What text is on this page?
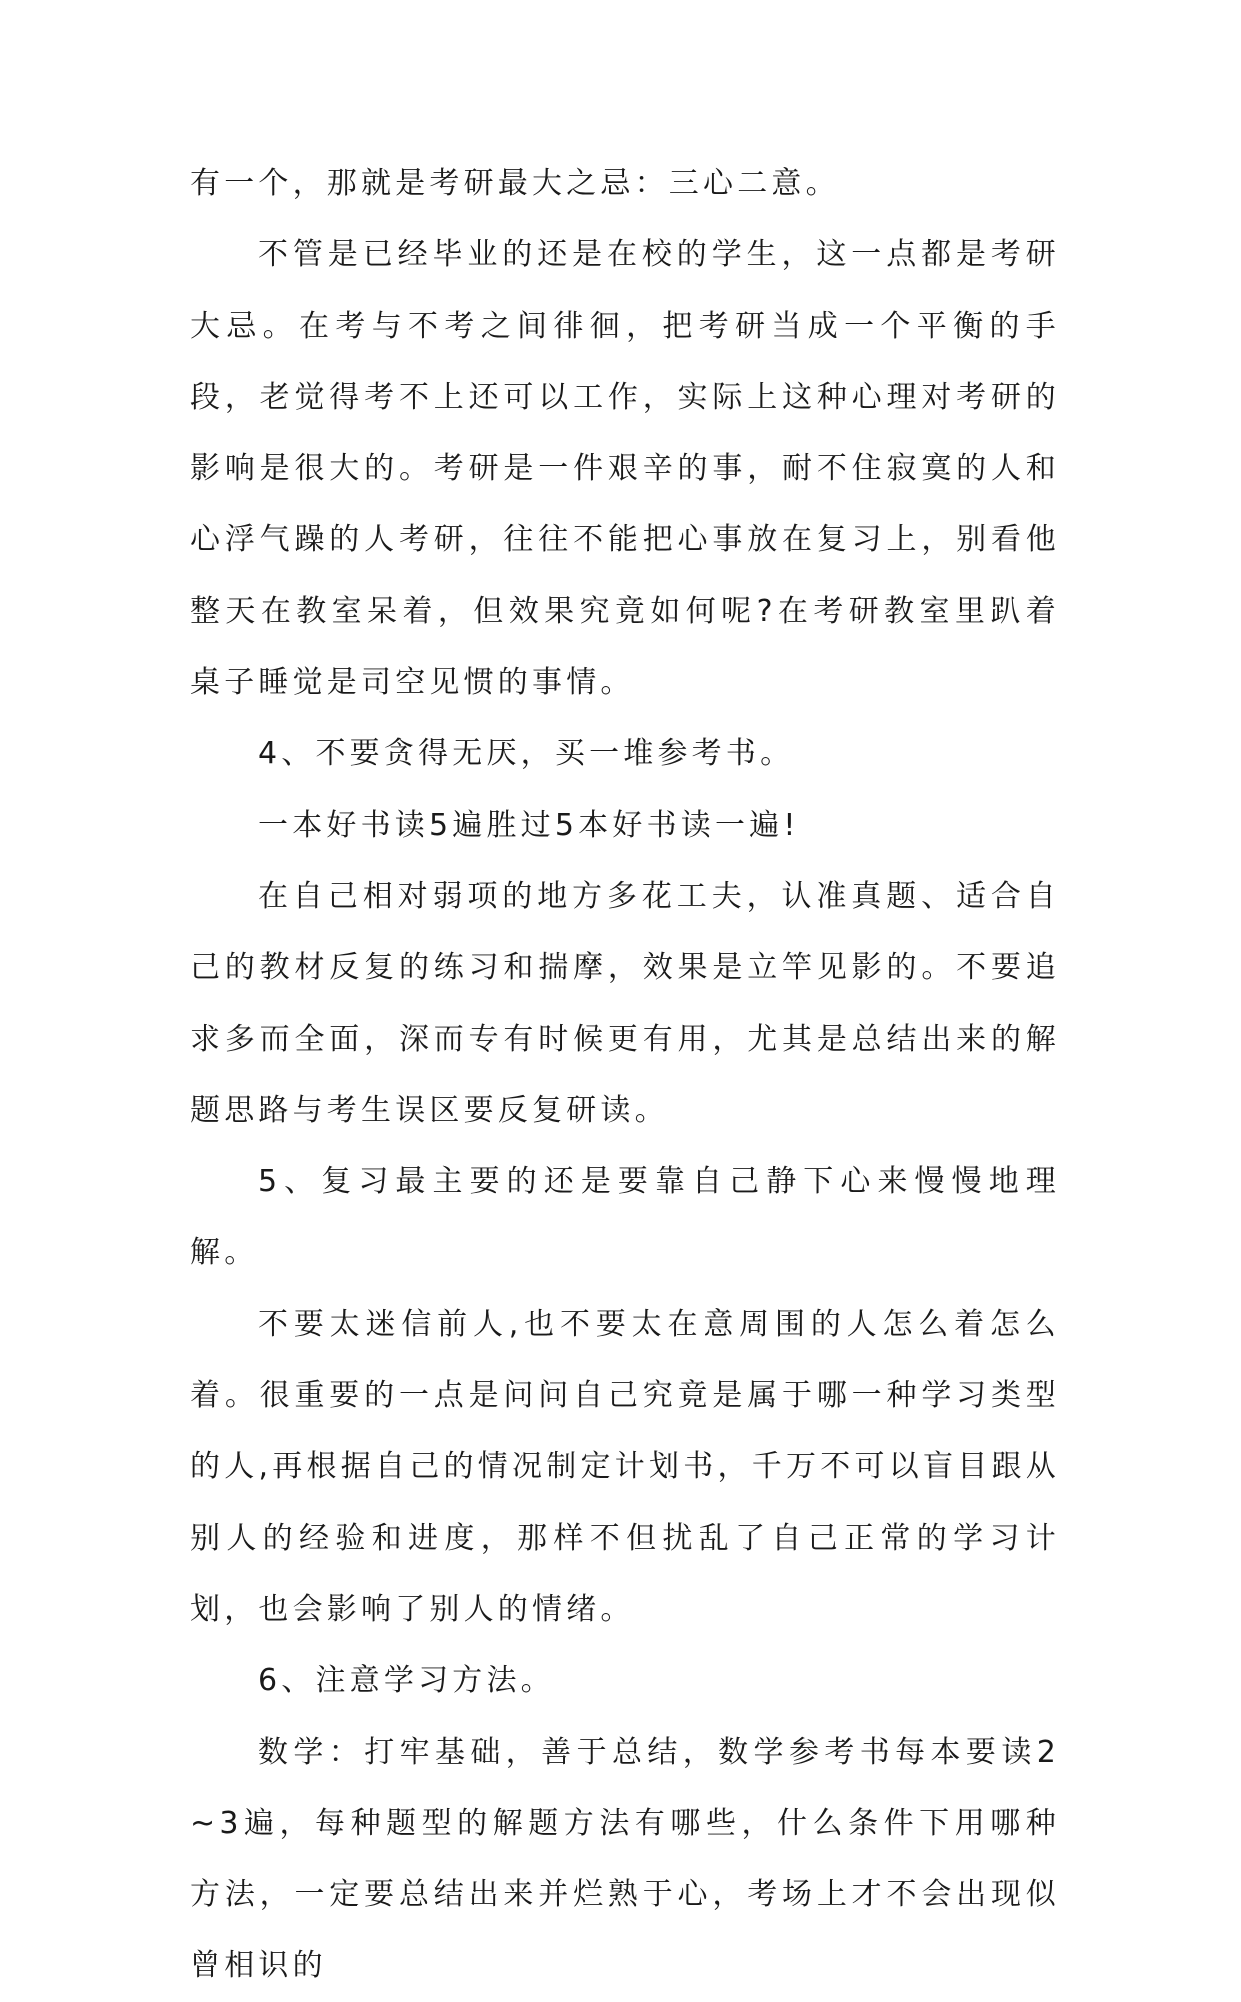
有一个，那就是考研最大之忌：三心二意。

不管是已经毕业的还是在校的学生，这一点都是考研大忌。在考与不考之间徘徊，把考研当成一个平衡的手段，老觉得考不上还可以工作，实际上这种心理对考研的影响是很大的。考研是一件艰辛的事，耐不住寂寞的人和心浮气躁的人考研，往往不能把心事放在复习上，别看他整天在教室呆着，但效果究竟如何呢?在考研教室里趴着桌子睡觉是司空见惯的事情。

4、不要贪得无厌，买一堆参考书。

一本好书读5遍胜过5本好书读一遍!

在自己相对弱项的地方多花工夫，认准真题、适合自己的教材反复的练习和揣摩，效果是立竿见影的。不要追求多而全面，深而专有时候更有用，尤其是总结出来的解题思路与考生误区要反复研读。

5、复习最主要的还是要靠自己静下心来慢慢地理解。

不要太迷信前人,也不要太在意周围的人怎么着怎么着。很重要的一点是问问自己究竟是属于哪一种学习类型的人,再根据自己的情况制定计划书，千万不可以盲目跟从别人的经验和进度，那样不但扰乱了自己正常的学习计划，也会影响了别人的情绪。

6、注意学习方法。

数学：打牢基础，善于总结，数学参考书每本要读2~3遍，每种题型的解题方法有哪些，什么条件下用哪种方法，一定要总结出来并烂熟于心，考场上才不会出现似曾相识的
